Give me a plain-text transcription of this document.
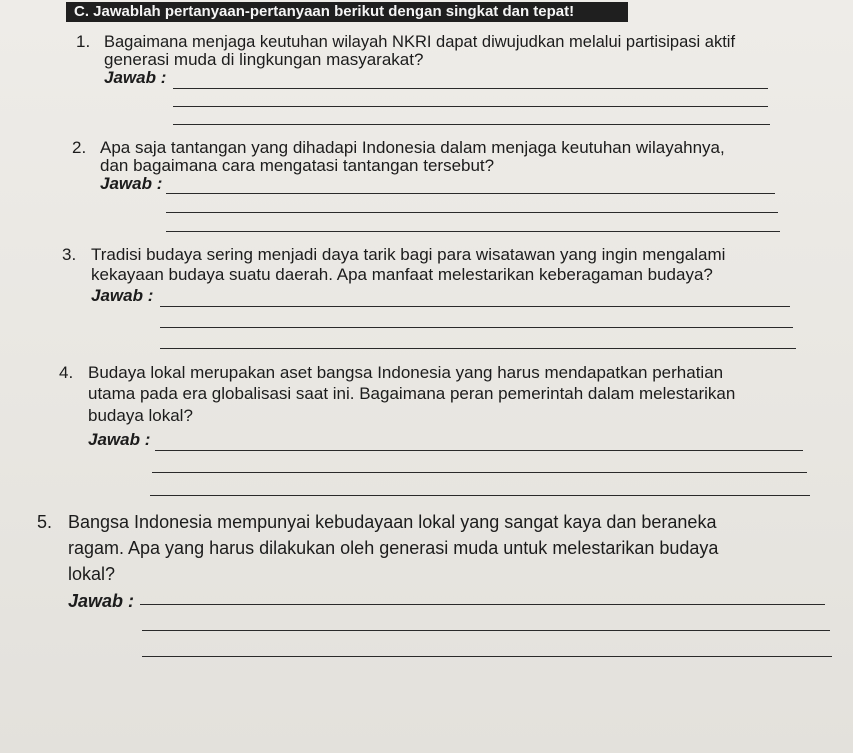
C. Jawablah pertanyaan-pertanyaan berikut dengan singkat dan tepat!
1. Bagaimana menjaga keutuhan wilayah NKRI dapat diwujudkan melalui partisipasi aktif
generasi muda di lingkungan masyarakat?
Jawab :
2. Apa saja tantangan yang dihadapi Indonesia dalam menjaga keutuhan wilayahnya,
dan bagaimana cara mengatasi tantangan tersebut?
Jawab :
3. Tradisi budaya sering menjadi daya tarik bagi para wisatawan yang ingin mengalami
kekayaan budaya suatu daerah. Apa manfaat melestarikan keberagaman budaya?
Jawab :
4. Budaya lokal merupakan aset bangsa Indonesia yang harus mendapatkan perhatian
utama pada era globalisasi saat ini. Bagaimana peran pemerintah dalam melestarikan
budaya lokal?
Jawab :
5. Bangsa Indonesia mempunyai kebudayaan lokal yang sangat kaya dan beraneka
ragam. Apa yang harus dilakukan oleh generasi muda untuk melestarikan budaya
lokal?
Jawab :
